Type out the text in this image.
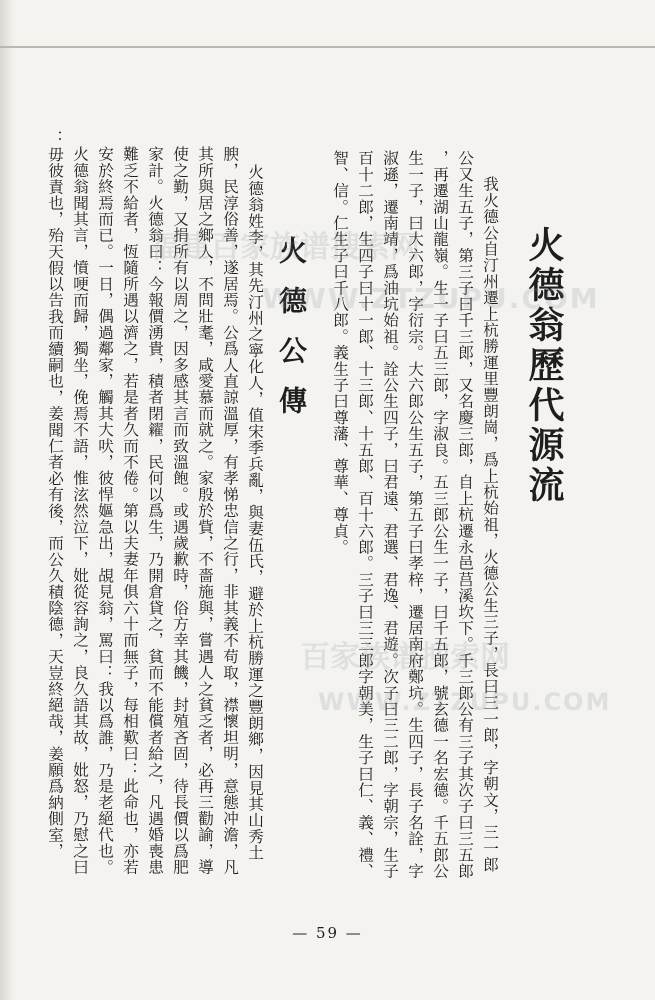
火德翁歷代源流
我火德公自汀州遷上杭勝運里豐朗崗，爲上杭始祖，火德公生三子，長曰三一郎，字朝文，三一郎
公又生五子，第三子曰千三郎，又名慶三郎，自上杭遷永邑莒溪坎下。千三郎公有三子其次子曰三五郎
，再遷湖山龍嶺。生一子曰五三郎，字淑良。五三郎公生一子，曰千五郎，號玄德一名宏德。千五郎公
生一子，曰大六郎，字衍宗。大六郎公生五子，第五子曰孝梓，遷居南府鄭坑。生四子，長子名詮，字
淑遜，遷南靖，爲油坑始祖。詮公生四子，曰君遠、君選、君逸、君遊。次子曰三二郎，字朝宗，生子
百十二郎，生四子曰十一郎、十三郎、十五郎、百十六郎。三子曰三三郎字朝美，生子曰仁、義、禮、
智、信。仁生子曰千八郎。義生子曰尊藩、尊華、尊貞。
火德公傳
火德翁姓李，其先汀州之寧化人，值宋季兵亂，與妻伍氏，避於上杭勝運之豐朗鄉，因見其山秀土
腴，民淳俗善，遂居焉。公爲人直諒溫厚，有孝悌忠信之行，非其義不苟取，襟懷坦明，意態冲澹，凡
其所與居之鄉人，不問壯耄，咸愛慕而就之。家殷於貲，不嗇施與，嘗遇人之貧乏者，必再三勸諭，導
使之勤，又捐所有以周之，因多感其言而致溫飽。或遇歲歉時，俗方幸其饑，封殖吝固，待長價以爲肥
家計。火德翁曰：今報價湧貴，積者閉糴，民何以爲生，乃開倉貸之，貧而不能償者給之，凡遇婚喪患
難乏不給者，恆隨所遇以濟之，若是者久而不倦。第以夫妻年俱六十而無子，每相歎曰：此命也，亦若
安於終焉而已。一日，偶過鄰家，觸其大吠，彼悍嫗急出，覘見翁，罵曰：我以爲誰，乃是老絕代也。
火德翁聞其言，憤哽而歸，獨坐，俛焉不語，惟泫然泣下，妣從容詢之，良久語其故，妣怒，乃慰之曰
：毋彼責也，殆天假以告我而續嗣也，姜聞仁者必有後，而公久積陰德，天豈終絕哉，姜願爲納側室，	福建百家族谱搜索网
WWW.ZTZUPU.COM
百家族谱搜索网
WWW.ZTZUPU.COM
— 59 —
